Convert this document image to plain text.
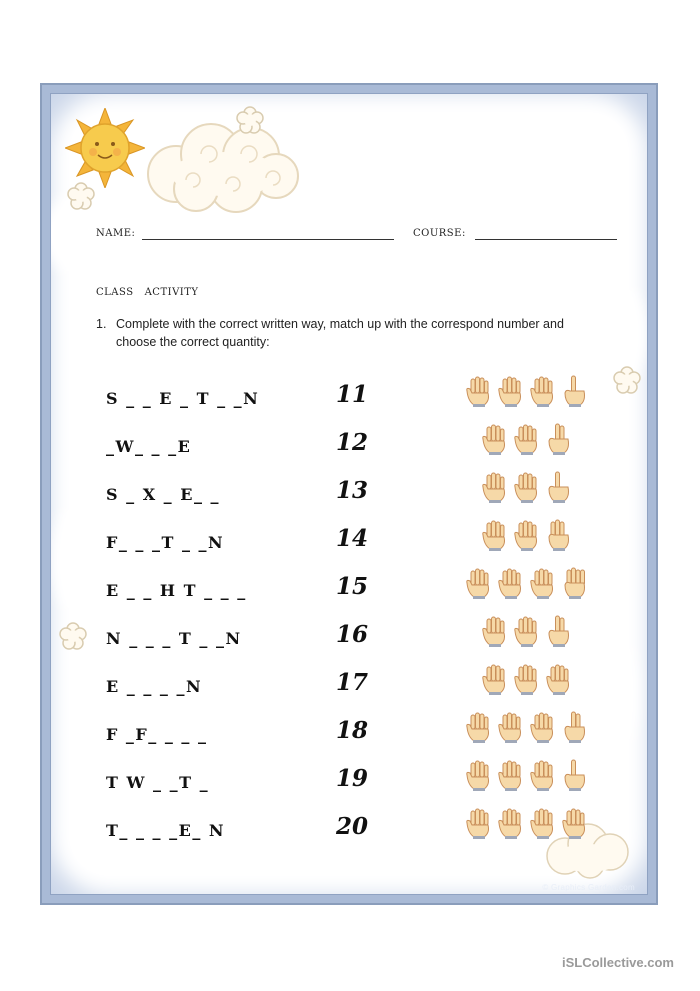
© Graphics Garden.com
NAME:	COURSE:
CLASS   ACTIVITY
1. Complete with the correct written way, match up with the correspond number and
choose the correct quantity:
S _ _ E _ T _ _N	11
_W_ _ _E	12
S _ X _ E_ _	13
F_ _ _T _ _N	14
E _ _ H T _ _ _	15
N _ _ _ T _ _N	16
E _ _ _ _N	17
F _F_ _ _ _	18
T W _ _T _	19
T_ _ _ _E_ N	20
iSLCollective.com
